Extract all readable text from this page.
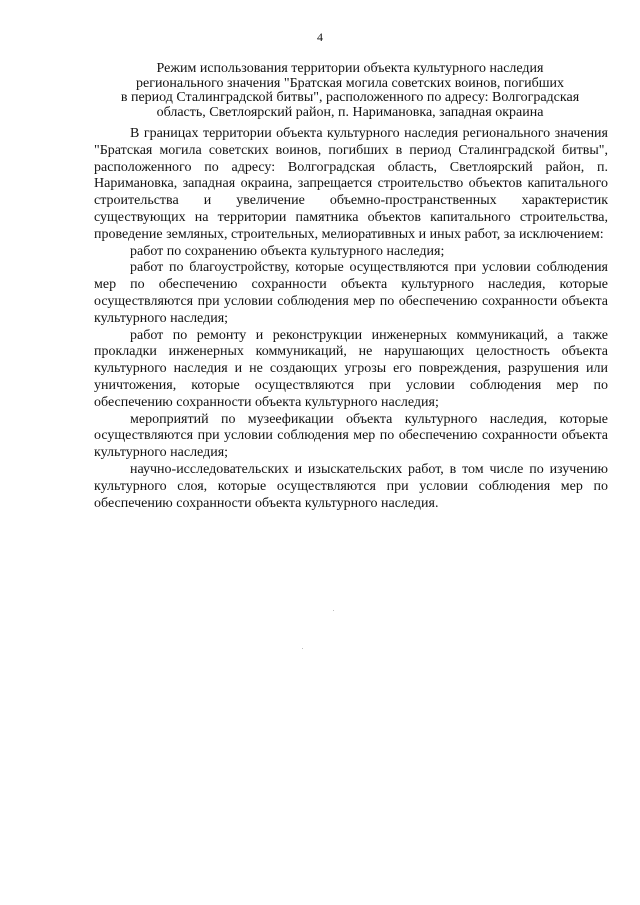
4
Режим использования территории объекта культурного наследия
регионального значения "Братская могила советских воинов, погибших
в период Сталинградской битвы", расположенного по адресу: Волгоградская
область, Светлоярский район, п. Наримановка, западная окраина

В границах территории объекта культурного наследия регионального значения "Братская могила советских воинов, погибших в период Сталинградской битвы", расположенного по адресу: Волгоградская область, Светлоярский район, п. Наримановка, западная окраина, запрещается строительство объектов капитального строительства и увеличение объемно-пространственных характеристик существующих на территории памятника объектов капитального строительства, проведение земляных, строительных, мелиоративных и иных работ, за исключением:

работ по сохранению объекта культурного наследия;

работ по благоустройству, которые осуществляются при условии соблюдения мер по обеспечению сохранности объекта культурного наследия, которые осуществляются при условии соблюдения мер по обеспечению сохранности объекта культурного наследия;

работ по ремонту и реконструкции инженерных коммуникаций, а также прокладки инженерных коммуникаций, не нарушающих целостность объекта культурного наследия и не создающих угрозы его повреждения, разрушения или уничтожения, которые осуществляются при условии соблюдения мер по обеспечению сохранности объекта культурного наследия;

мероприятий по музеефикации объекта культурного наследия, которые осуществляются при условии соблюдения мер по обеспечению сохранности объекта культурного наследия;

научно-исследовательских и изыскательских работ, в том числе по изучению культурного слоя, которые осуществляются при условии соблюдения мер по обеспечению сохранности объекта культурного наследия.
